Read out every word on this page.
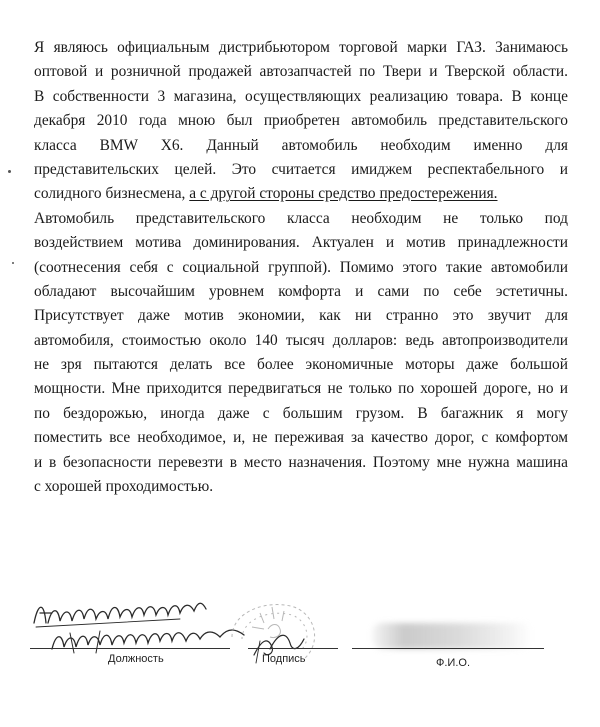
Я являюсь официальным дистрибьютором торговой марки ГАЗ. Занимаюсь
оптовой и розничной продажей автозапчастей по Твери и Тверской области.
В собственности 3 магазина, осуществляющих реализацию товара. В конце
декабря 2010 года мною был приобретен автомобиль представительского
класса BMW X6. Данный автомобиль необходим именно для
представительских целей. Это считается имиджем респектабельного и
солидного бизнесмена, а с другой стороны средство предостережения.
Автомобиль представительского класса необходим не только под
воздействием мотива доминирования. Актуален и мотив принадлежности
(соотнесения себя с социальной группой). Помимо этого такие автомобили
обладают высочайшим уровнем комфорта и сами по себе эстетичны.
Присутствует даже мотив экономии, как ни странно это звучит для
автомобиля, стоимостью около 140 тысяч долларов: ведь автопроизводители
не зря пытаются делать все более экономичные моторы даже большой
мощности. Мне приходится передвигаться не только по хорошей дороге, но и
по бездорожью, иногда даже с большим грузом. В багажник я могу
поместить все необходимое, и, не переживая за качество дорог, с комфортом
и в безопасности перевезти в место назначения. Поэтому мне нужна машина
с хорошей проходимостью.
Должность	Подпись	Ф.И.О.
